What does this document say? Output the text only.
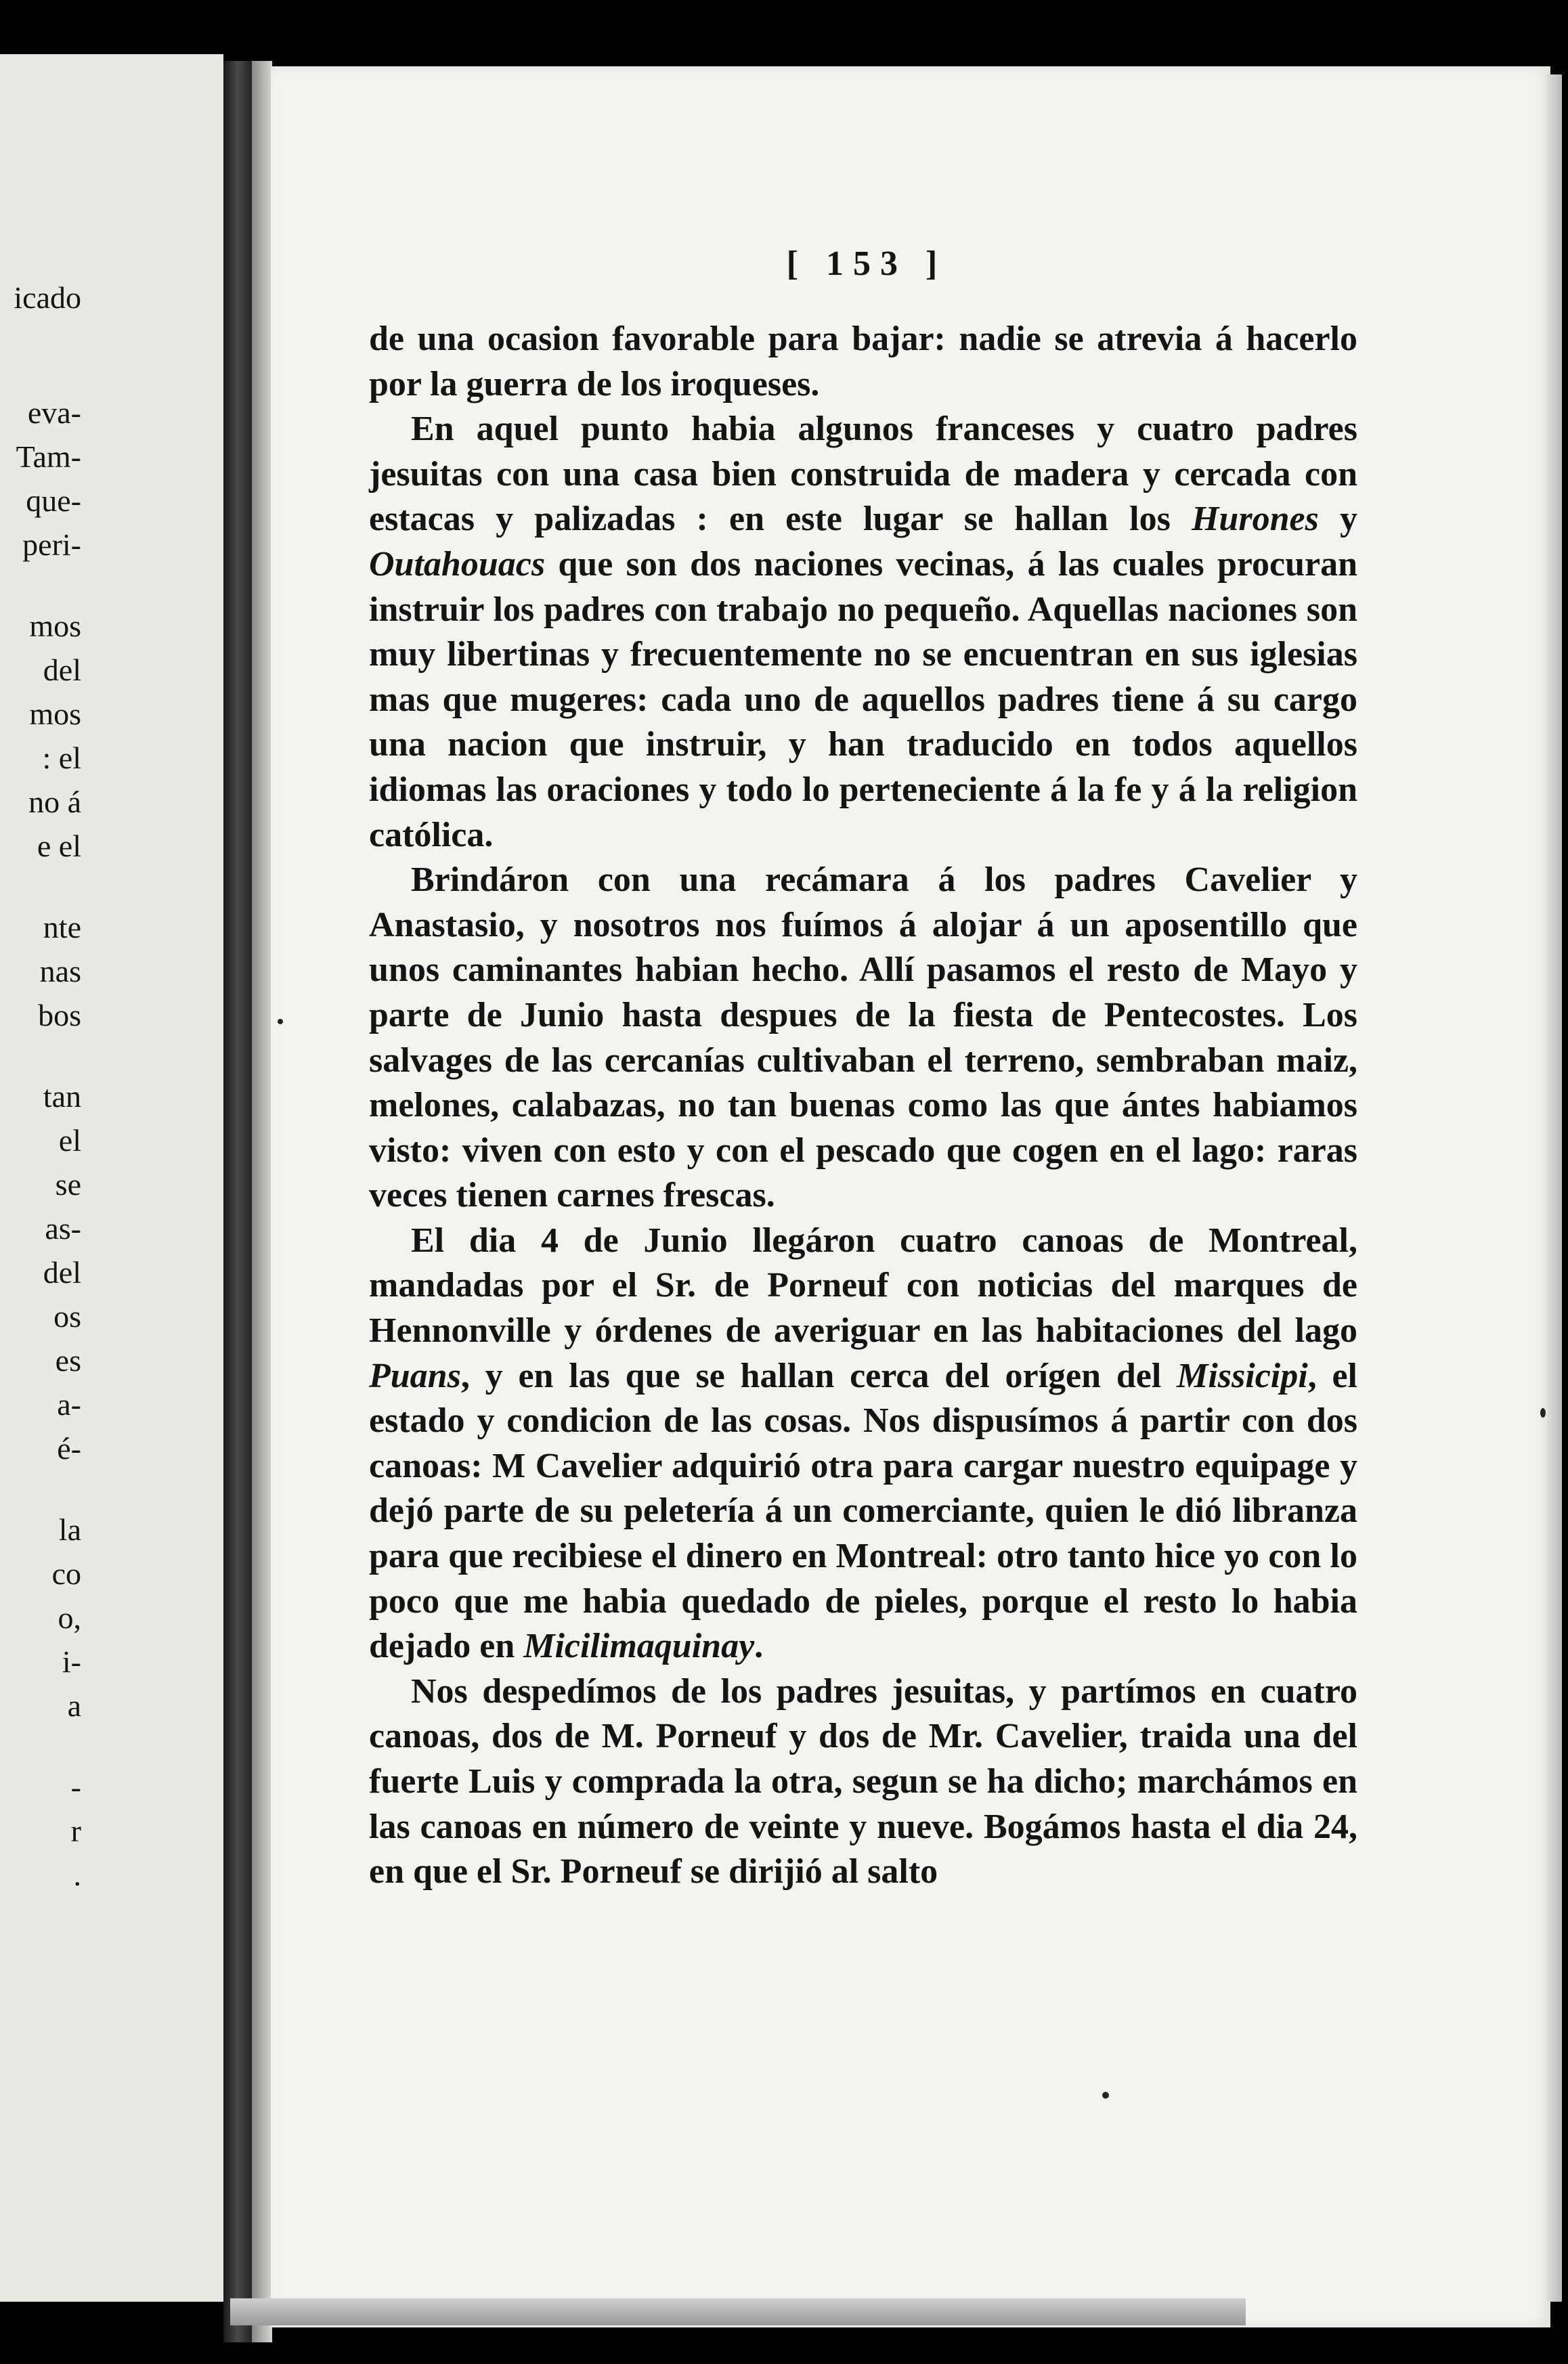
icado
eva-
Tam-
que-
peri-
mos
del
mos
: el
no á
e el
nte
nas
bos
tan
el
se
as-
del
os
es
a-
é-
la
co
o,
i-
a
-
r
.
[ 153 ]

de una ocasion favorable para bajar: nadie se atrevia á hacerlo por la guerra de los iroqueses.

En aquel punto habia algunos franceses y cuatro padres jesuitas con una casa bien construida de madera y cercada con estacas y palizadas : en este lugar se hallan los Hurones y Outahouacs que son dos naciones vecinas, á las cuales procuran instruir los padres con trabajo no pequeño. Aquellas naciones son muy libertinas y frecuentemente no se encuentran en sus iglesias mas que mugeres: cada uno de aquellos padres tiene á su cargo una nacion que instruir, y han traducido en todos aquellos idiomas las oraciones y todo lo perteneciente á la fe y á la religion católica.

Brindáron con una recámara á los padres Cavelier y Anastasio, y nosotros nos fuímos á alojar á un aposentillo que unos caminantes habian hecho. Allí pasamos el resto de Mayo y parte de Junio hasta despues de la fiesta de Pentecostes. Los salvages de las cercanías cultivaban el terreno, sembraban maiz, melones, calabazas, no tan buenas como las que ántes habiamos visto: viven con esto y con el pescado que cogen en el lago: raras veces tienen carnes frescas.

El dia 4 de Junio llegáron cuatro canoas de Montreal, mandadas por el Sr. de Porneuf con noticias del marques de Hennonville y órdenes de averiguar en las habitaciones del lago Puans, y en las que se hallan cerca del orígen del Missicipi, el estado y condicion de las cosas. Nos dispusímos á partir con dos canoas: M Cavelier adquirió otra para cargar nuestro equipage y dejó parte de su peletería á un comerciante, quien le dió libranza para que recibiese el dinero en Montreal: otro tanto hice yo con lo poco que me habia quedado de pieles, porque el resto lo habia dejado en Micilimaquinay.

Nos despedímos de los padres jesuitas, y partímos en cuatro canoas, dos de M. Porneuf y dos de Mr. Cavelier, traida una del fuerte Luis y comprada la otra, segun se ha dicho; marchámos en las canoas en número de veinte y nueve. Bogámos hasta el dia 24, en que el Sr. Porneuf se dirijió al salto
